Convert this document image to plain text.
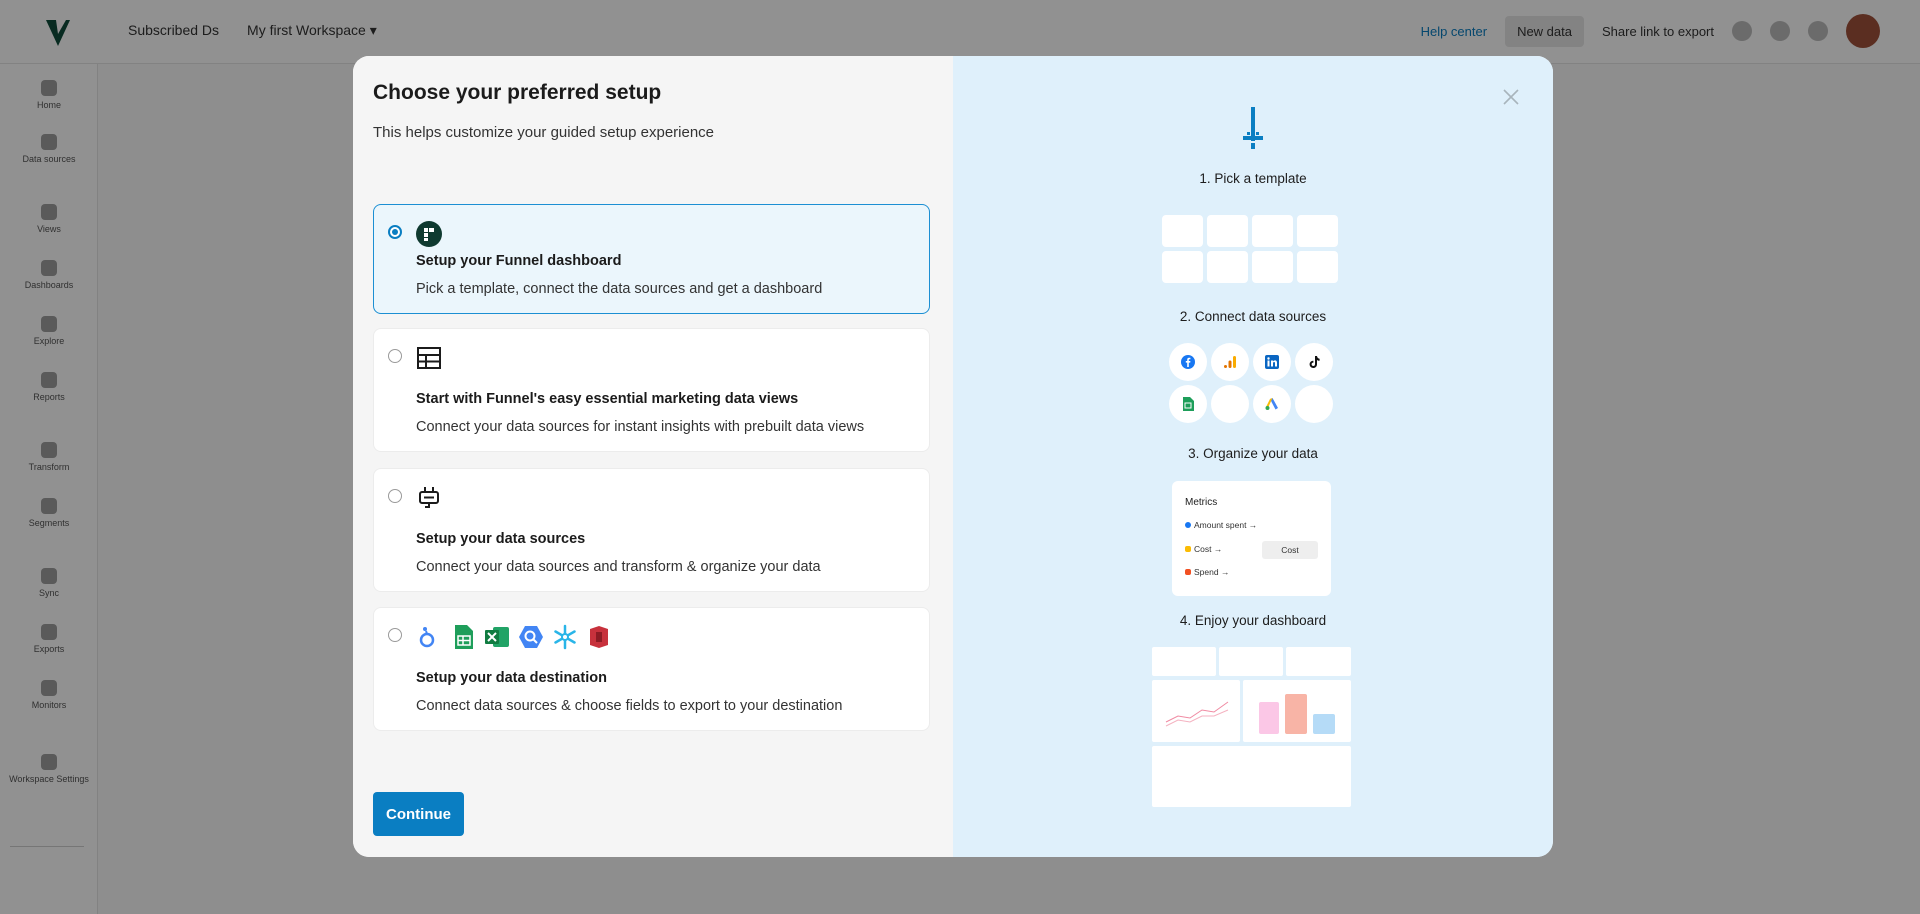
Subscribed Ds My first Workspace ▾	Help center	New data	Share link to export
Home
Data sources
Views
Dashboards
Explore
Reports
Transform
Segments
Sync
Exports
Monitors
Workspace Settings
Choose your preferred setup

This helps customize your guided setup experience

Setup your Funnel dashboard
Pick a template, connect the data sources and get a dashboard
Start with Funnel's easy essential marketing data views
Connect your data sources for instant insights with prebuilt data views
Setup your data sources
Connect your data sources and transform & organize your data
Setup your data destination
Connect data sources & choose fields to export to your destination
Continue
1. Pick a template
2. Connect data sources
3. Organize your data
Metrics
Amount spent →
Cost →
Spend →
Cost
4. Enjoy your dashboard
